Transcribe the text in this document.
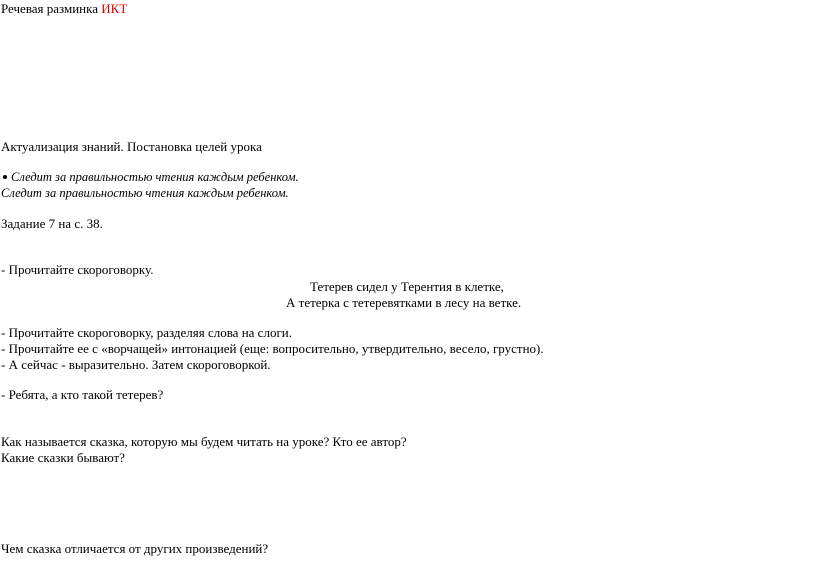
Речевая разминка ИКТ
Актуализация знаний. Постановка целей урока
Следит за правильностью чтения каждым ребенком.
Следит за правильностью чтения каждым ребенком.
Задание 7 на с. 38.
- Прочитайте скороговорку.
Тетерев сидел у Терентия в клетке,
А тетерка с тетеревятками в лесу на ветке.
- Прочитайте скороговорку, разделяя слова на слоги.
- Прочитайте ее с «ворчащей» интонацией (еще: вопросительно, утвердительно, весело, грустно).
- А сейчас - выразительно. Затем скороговоркой.
- Ребята, а кто такой тетерев?
Как называется сказка, которую мы будем читать на уроке? Кто ее автор?
Какие сказки бывают?
Чем сказка отличается от других произведений?
